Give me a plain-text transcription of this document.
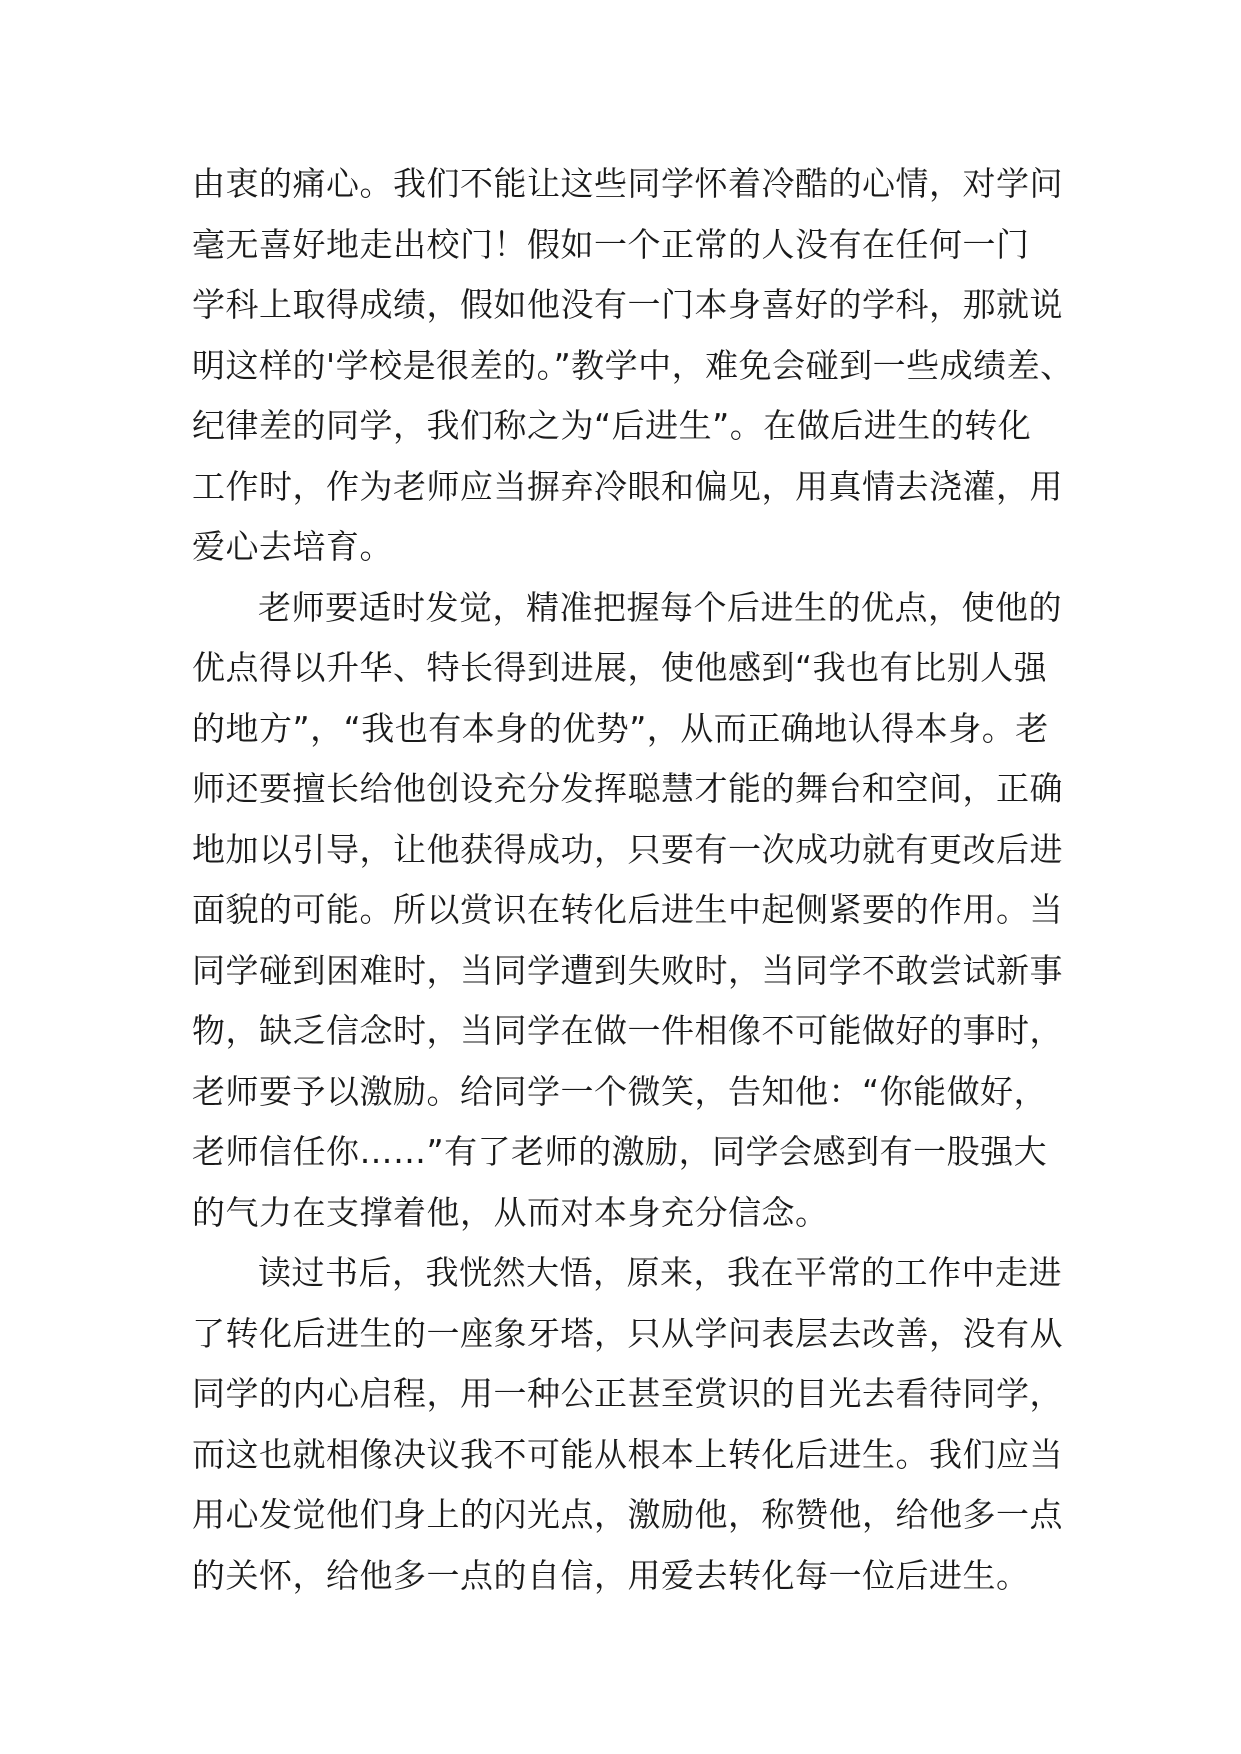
由衷的痛心。我们不能让这些同学怀着冷酷的心情，对学问
毫无喜好地走出校门！假如一个正常的人没有在任何一门
学科上取得成绩，假如他没有一门本身喜好的学科，那就说
明这样的'学校是很差的。”教学中，难免会碰到一些成绩差、
纪律差的同学，我们称之为“后进生”。在做后进生的转化
工作时，作为老师应当摒弃冷眼和偏见，用真情去浇灌，用
爱心去培育。
老师要适时发觉，精准把握每个后进生的优点，使他的
优点得以升华、特长得到进展，使他感到“我也有比别人强
的地方”，“我也有本身的优势”，从而正确地认得本身。老
师还要擅长给他创设充分发挥聪慧才能的舞台和空间，正确
地加以引导，让他获得成功，只要有一次成功就有更改后进
面貌的可能。所以赏识在转化后进生中起侧紧要的作用。当
同学碰到困难时，当同学遭到失败时，当同学不敢尝试新事
物，缺乏信念时，当同学在做一件相像不可能做好的事时，
老师要予以激励。给同学一个微笑，告知他：“你能做好，
老师信任你……”有了老师的激励，同学会感到有一股强大
的气力在支撑着他，从而对本身充分信念。
读过书后，我恍然大悟，原来，我在平常的工作中走进
了转化后进生的一座象牙塔，只从学问表层去改善，没有从
同学的内心启程，用一种公正甚至赏识的目光去看待同学，
而这也就相像决议我不可能从根本上转化后进生。我们应当
用心发觉他们身上的闪光点，激励他，称赞他，给他多一点
的关怀，给他多一点的自信，用爱去转化每一位后进生。
